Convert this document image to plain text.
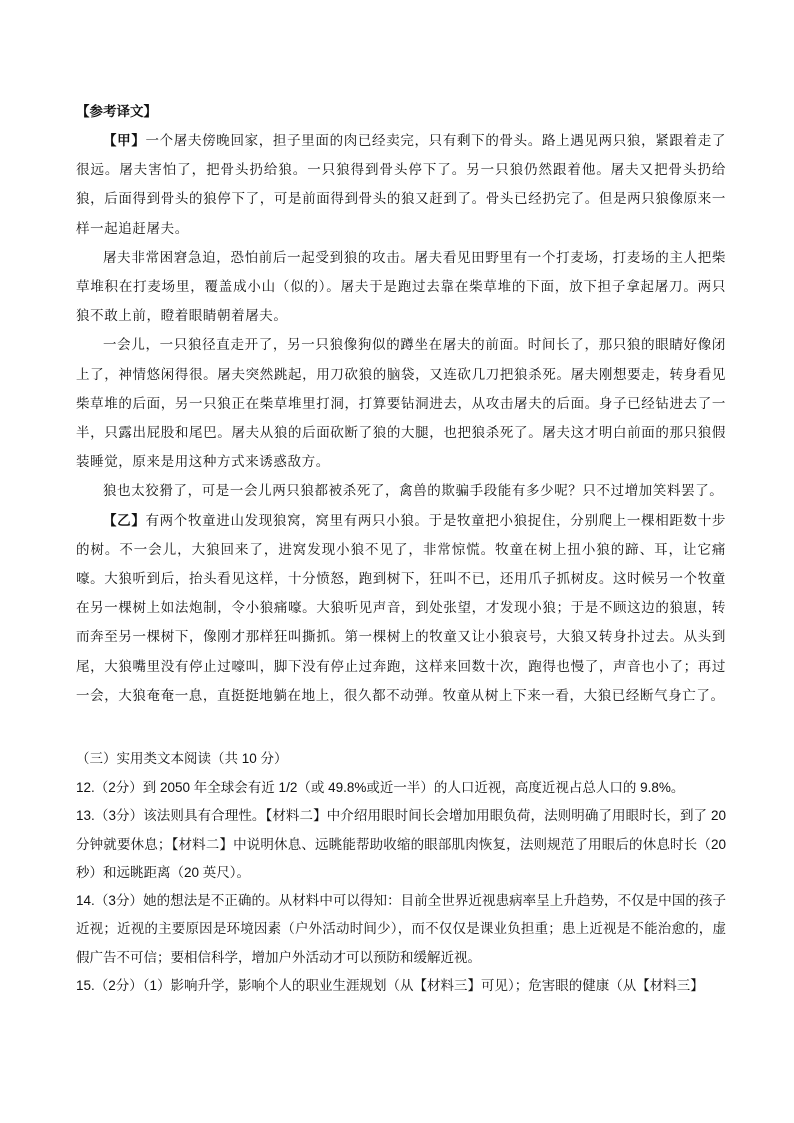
【参考译文】

【甲】一个屠夫傍晚回家，担子里面的肉已经卖完，只有剩下的骨头。路上遇见两只狼，紧跟着走了很远。屠夫害怕了，把骨头扔给狼。一只狼得到骨头停下了。另一只狼仍然跟着他。屠夫又把骨头扔给狼，后面得到骨头的狼停下了，可是前面得到骨头的狼又赶到了。骨头已经扔完了。但是两只狼像原来一样一起追赶屠夫。

屠夫非常困窘急迫，恐怕前后一起受到狼的攻击。屠夫看见田野里有一个打麦场，打麦场的主人把柴草堆积在打麦场里，覆盖成小山（似的）。屠夫于是跑过去靠在柴草堆的下面，放下担子拿起屠刀。两只狼不敢上前，瞪着眼睛朝着屠夫。

一会儿，一只狼径直走开了，另一只狼像狗似的蹲坐在屠夫的前面。时间长了，那只狼的眼睛好像闭上了，神情悠闲得很。屠夫突然跳起，用刀砍狼的脑袋，又连砍几刀把狼杀死。屠夫刚想要走，转身看见柴草堆的后面，另一只狼正在柴草堆里打洞，打算要钻洞进去，从攻击屠夫的后面。身子已经钻进去了一半，只露出屁股和尾巴。屠夫从狼的后面砍断了狼的大腿，也把狼杀死了。屠夫这才明白前面的那只狼假装睡觉，原来是用这种方式来诱惑敌方。

狼也太狡猾了，可是一会儿两只狼都被杀死了，禽兽的欺骗手段能有多少呢？只不过增加笑料罢了。

【乙】有两个牧童进山发现狼窝，窝里有两只小狼。于是牧童把小狼捉住，分别爬上一棵相距数十步的树。不一会儿，大狼回来了，进窝发现小狼不见了，非常惊慌。牧童在树上扭小狼的蹄、耳，让它痛嚎。大狼听到后，抬头看见这样，十分愤怒，跑到树下，狂叫不已，还用爪子抓树皮。这时候另一个牧童在另一棵树上如法炮制，令小狼痛嚎。大狼听见声音，到处张望，才发现小狼；于是不顾这边的狼崽，转而奔至另一棵树下，像刚才那样狂叫撕抓。第一棵树上的牧童又让小狼哀号，大狼又转身扑过去。从头到尾，大狼嘴里没有停止过嚎叫，脚下没有停止过奔跑，这样来回数十次，跑得也慢了，声音也小了；再过一会，大狼奄奄一息，直挺挺地躺在地上，很久都不动弹。牧童从树上下来一看，大狼已经断气身亡了。

（三）实用类文本阅读（共 10 分）

12.（2分）到 2050 年全球会有近 1/2（或 49.8%或近一半）的人口近视，高度近视占总人口的 9.8%。

13.（3分）该法则具有合理性。【材料二】中介绍用眼时间长会增加用眼负荷，法则明确了用眼时长，到了 20 分钟就要休息；【材料二】中说明休息、远眺能帮助收缩的眼部肌肉恢复，法则规范了用眼后的休息时长（20 秒）和远眺距离（20 英尺）。

14.（3分）她的想法是不正确的。从材料中可以得知：目前全世界近视患病率呈上升趋势，不仅是中国的孩子近视；近视的主要原因是环境因素（户外活动时间少），而不仅仅是课业负担重；患上近视是不能治愈的，虚假广告不可信；要相信科学，增加户外活动才可以预防和缓解近视。

15.（2分）（1）影响升学，影响个人的职业生涯规划（从【材料三】可见）；危害眼的健康（从【材料三】
